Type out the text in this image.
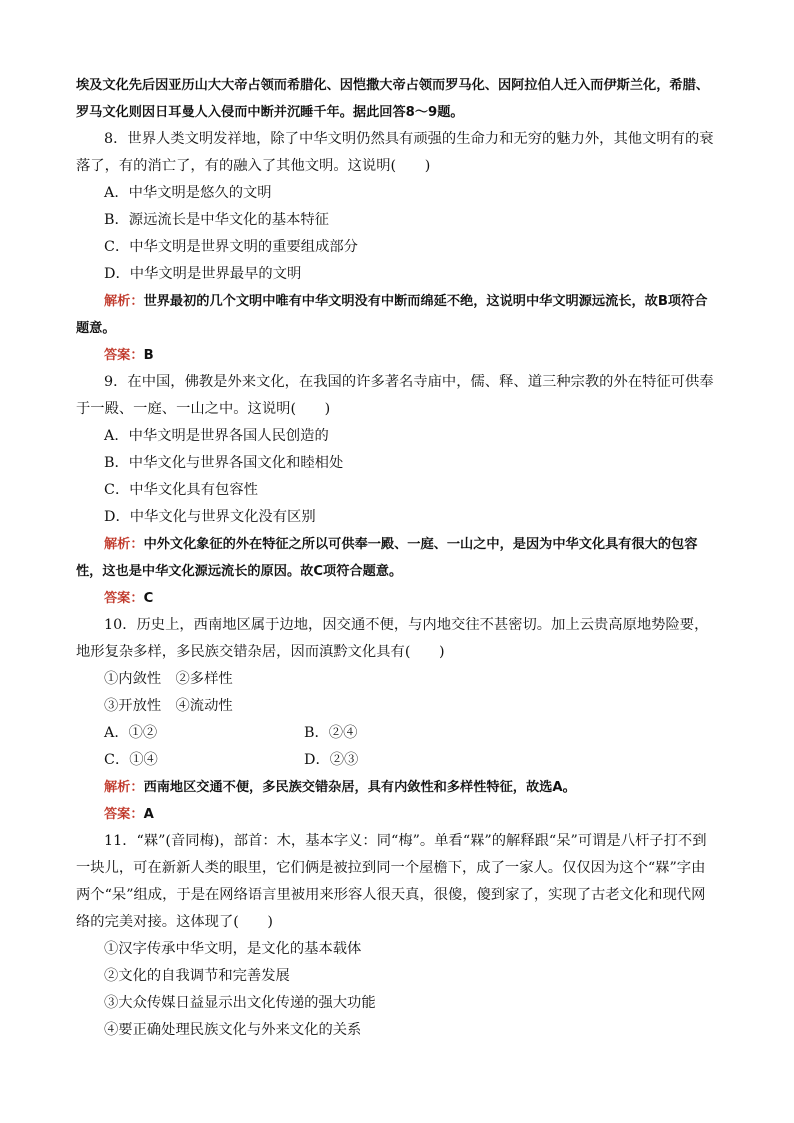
埃及文化先后因亚历山大大帝占领而希腊化、因恺撒大帝占领而罗马化、因阿拉伯人迁入而伊斯兰化，希腊、罗马文化则因日耳曼人入侵而中断并沉睡千年。据此回答8～9题。

8．世界人类文明发祥地，除了中华文明仍然具有顽强的生命力和无穷的魅力外，其他文明有的衰落了，有的消亡了，有的融入了其他文明。这说明(　　)

A．中华文明是悠久的文明

B．源远流长是中华文化的基本特征

C．中华文明是世界文明的重要组成部分

D．中华文明是世界最早的文明

解析：世界最初的几个文明中唯有中华文明没有中断而绵延不绝，这说明中华文明源远流长，故B项符合题意。

答案：B

9．在中国，佛教是外来文化，在我国的许多著名寺庙中，儒、释、道三种宗教的外在特征可供奉于一殿、一庭、一山之中。这说明(　　)

A．中华文明是世界各国人民创造的

B．中华文化与世界各国文化和睦相处

C．中华文化具有包容性

D．中华文化与世界文化没有区别

解析：中外文化象征的外在特征之所以可供奉一殿、一庭、一山之中，是因为中华文化具有很大的包容性，这也是中华文化源远流长的原因。故C项符合题意。

答案：C

10．历史上，西南地区属于边地，因交通不便，与内地交往不甚密切。加上云贵高原地势险要，地形复杂多样，多民族交错杂居，因而滇黔文化具有(　　)

①内敛性　②多样性

③开放性　④流动性

A．①②	B．②④
C．①④	D．②③

解析：西南地区交通不便，多民族交错杂居，具有内敛性和多样性特征，故选A。

答案：A

11．“槑”(音同梅)，部首：木，基本字义：同“梅”。单看“槑”的解释跟“呆”可谓是八杆子打不到一块儿，可在新新人类的眼里，它们俩是被拉到同一个屋檐下，成了一家人。仅仅因为这个“槑”字由两个“呆”组成，于是在网络语言里被用来形容人很天真，很傻，傻到家了，实现了古老文化和现代网络的完美对接。这体现了(　　)

①汉字传承中华文明，是文化的基本载体

②文化的自我调节和完善发展

③大众传媒日益显示出文化传递的强大功能

④要正确处理民族文化与外来文化的关系
